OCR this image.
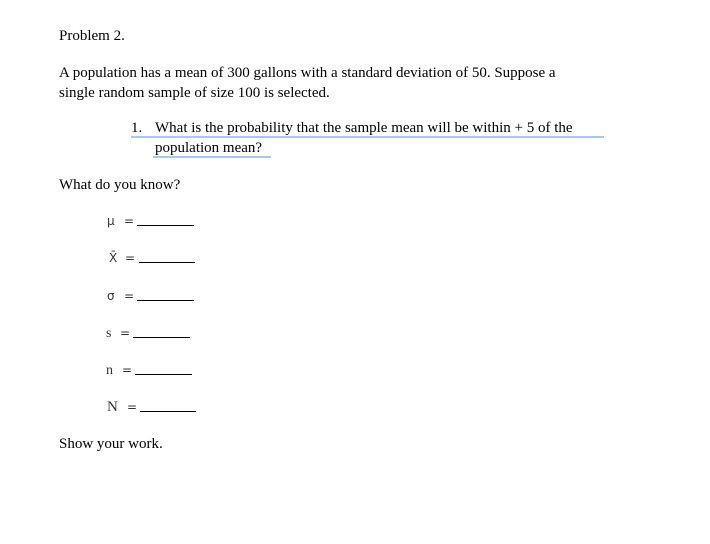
Problem 2.
A population has a mean of 300 gallons with a standard deviation of 50. Suppose a
single random sample of size 100 is selected.
1. What is the probability that the sample mean will be within + 5 of the
population mean?
What do you know?
μ =
X̄ =
σ =
s =
n =
N =
Show your work.
